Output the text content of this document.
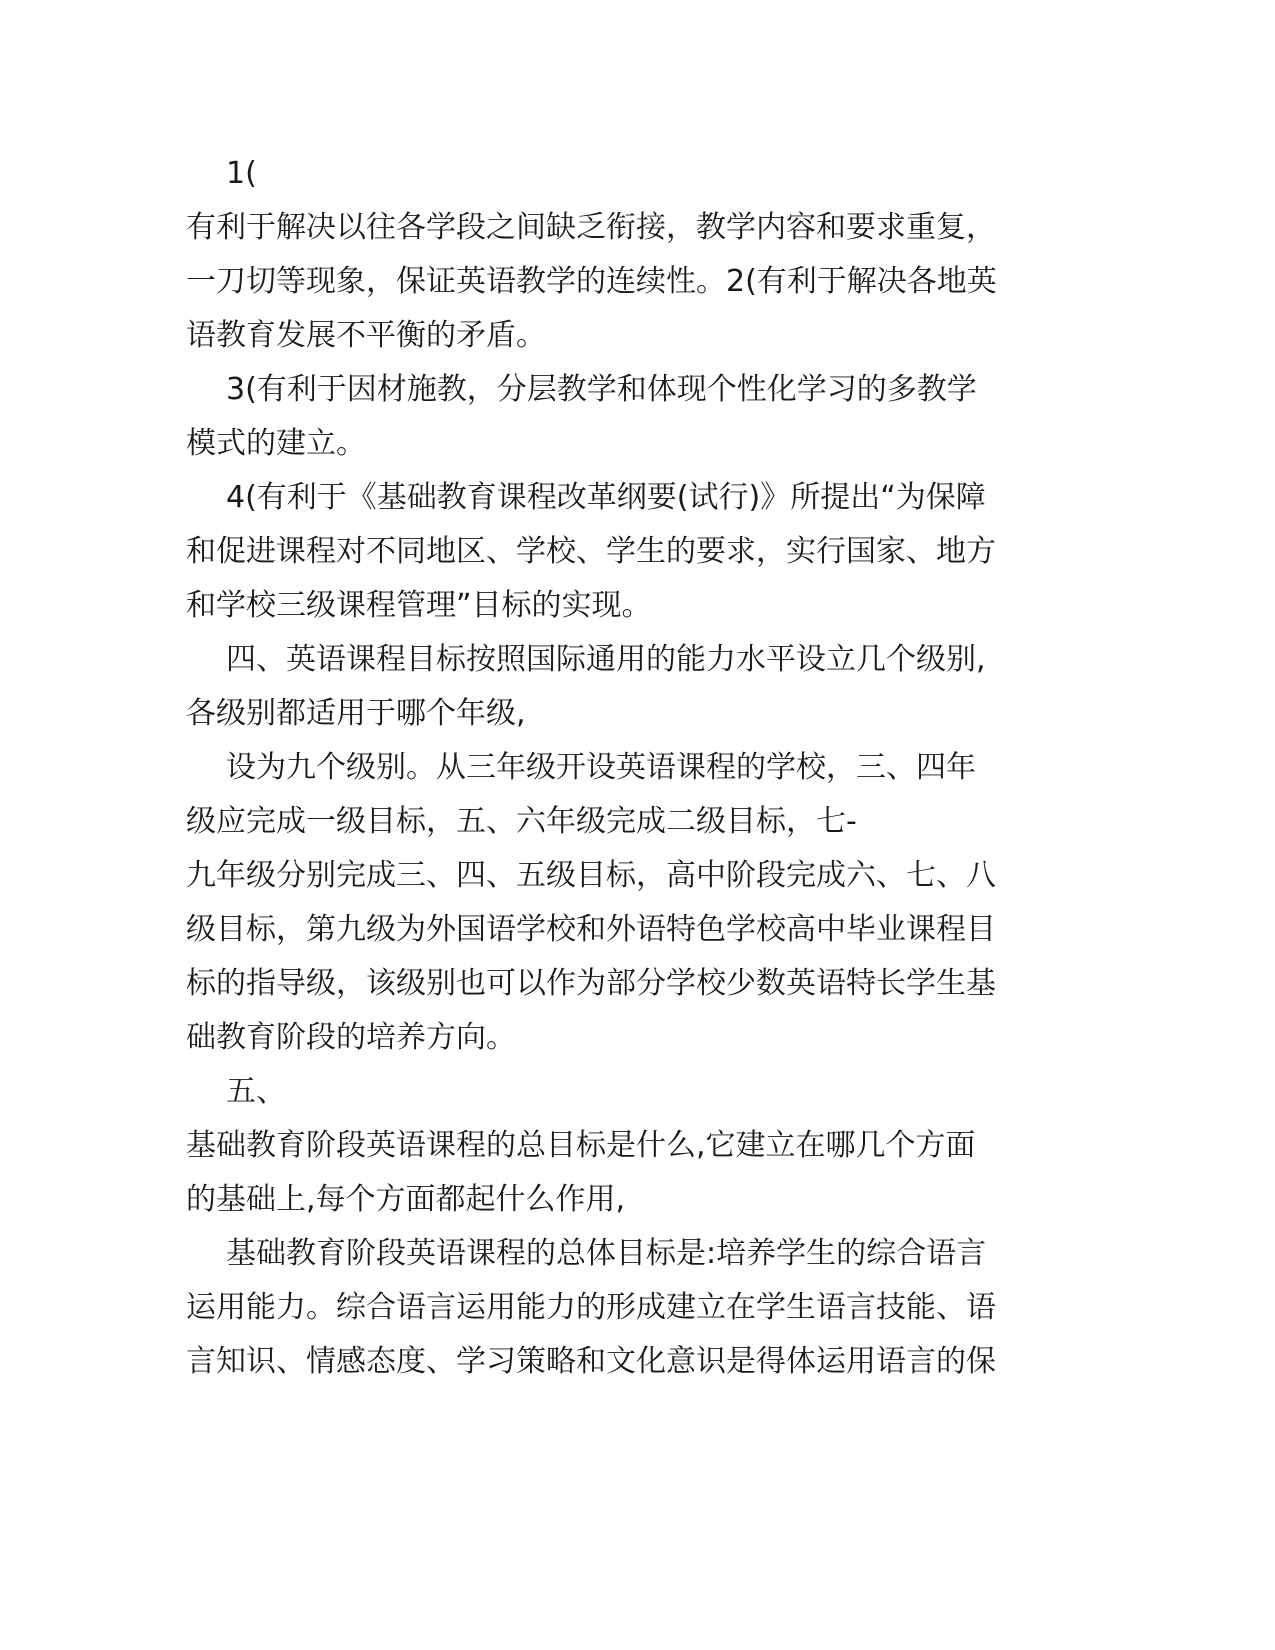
1(
有利于解决以往各学段之间缺乏衔接，教学内容和要求重复，
一刀切等现象，保证英语教学的连续性。2(有利于解决各地英
语教育发展不平衡的矛盾。
3(有利于因材施教，分层教学和体现个性化学习的多教学
模式的建立。
4(有利于《基础教育课程改革纲要(试行)》所提出“为保障
和促进课程对不同地区、学校、学生的要求，实行国家、地方
和学校三级课程管理”目标的实现。
四、英语课程目标按照国际通用的能力水平设立几个级别,
各级别都适用于哪个年级,
设为九个级别。从三年级开设英语课程的学校，三、四年
级应完成一级目标，五、六年级完成二级目标，七-
九年级分别完成三、四、五级目标，高中阶段完成六、七、八
级目标，第九级为外国语学校和外语特色学校高中毕业课程目
标的指导级，该级别也可以作为部分学校少数英语特长学生基
础教育阶段的培养方向。
五、
基础教育阶段英语课程的总目标是什么,它建立在哪几个方面
的基础上,每个方面都起什么作用,
基础教育阶段英语课程的总体目标是:培养学生的综合语言
运用能力。综合语言运用能力的形成建立在学生语言技能、语
言知识、情感态度、学习策略和文化意识是得体运用语言的保
